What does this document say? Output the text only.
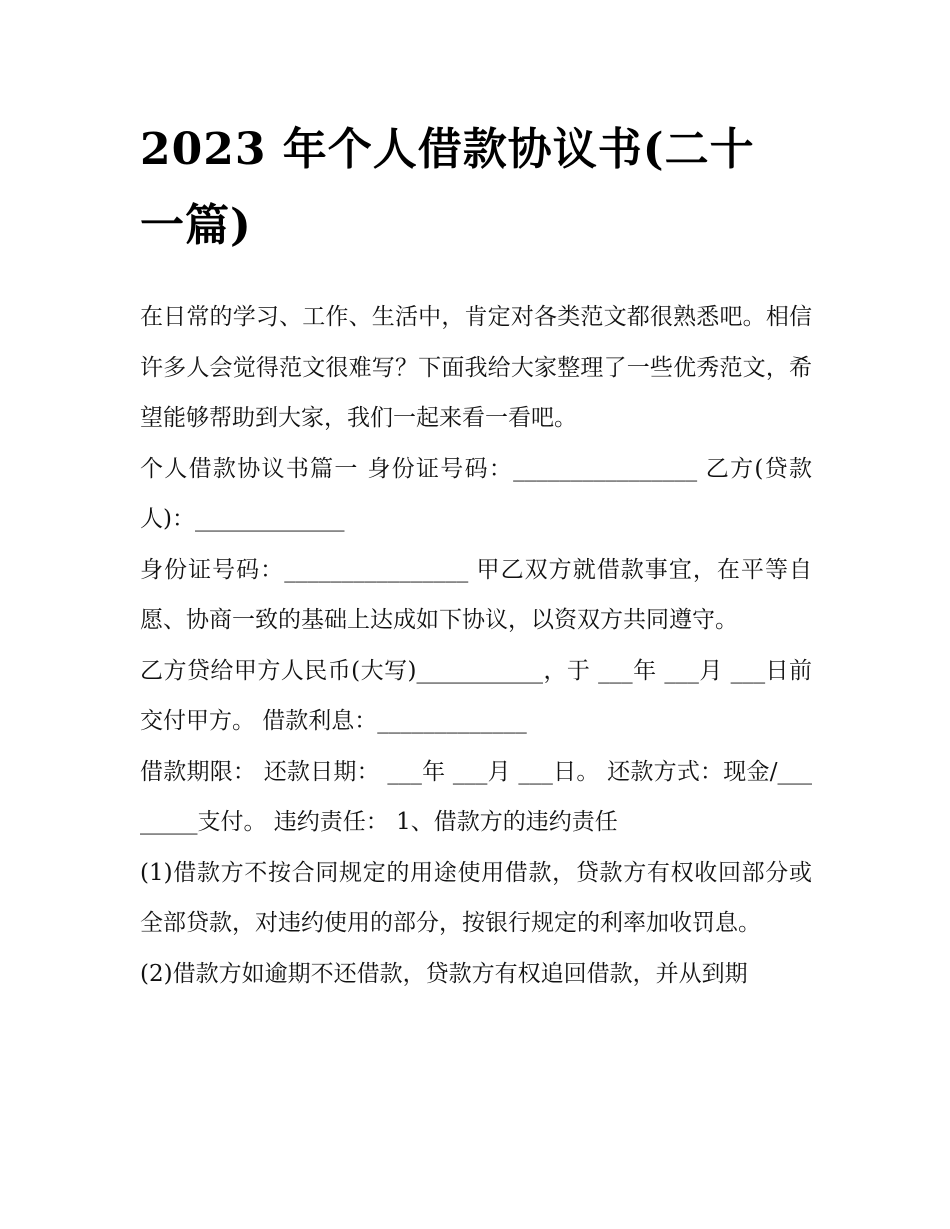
2023 年个人借款协议书(二十一篇)

在日常的学习、工作、生活中，肯定对各类范文都很熟悉吧。相信许多人会觉得范文很难写？下面我给大家整理了一些优秀范文，希望能够帮助到大家，我们一起来看一看吧。

个人借款协议书篇一 身份证号码：________________ 乙方(贷款人)：_____________

身份证号码：________________ 甲乙双方就借款事宜，在平等自愿、协商一致的基础上达成如下协议，以资双方共同遵守。

乙方贷给甲方人民币(大写)___________，于 ___年 ___月 ___日前交付甲方。 借款利息：_____________

借款期限： 还款日期： ___年 ___月 ___日。 还款方式：现金/________支付。 违约责任： 1、借款方的违约责任

(1)借款方不按合同规定的用途使用借款，贷款方有权收回部分或全部贷款，对违约使用的部分，按银行规定的利率加收罚息。

(2)借款方如逾期不还借款，贷款方有权追回借款，并从到期
